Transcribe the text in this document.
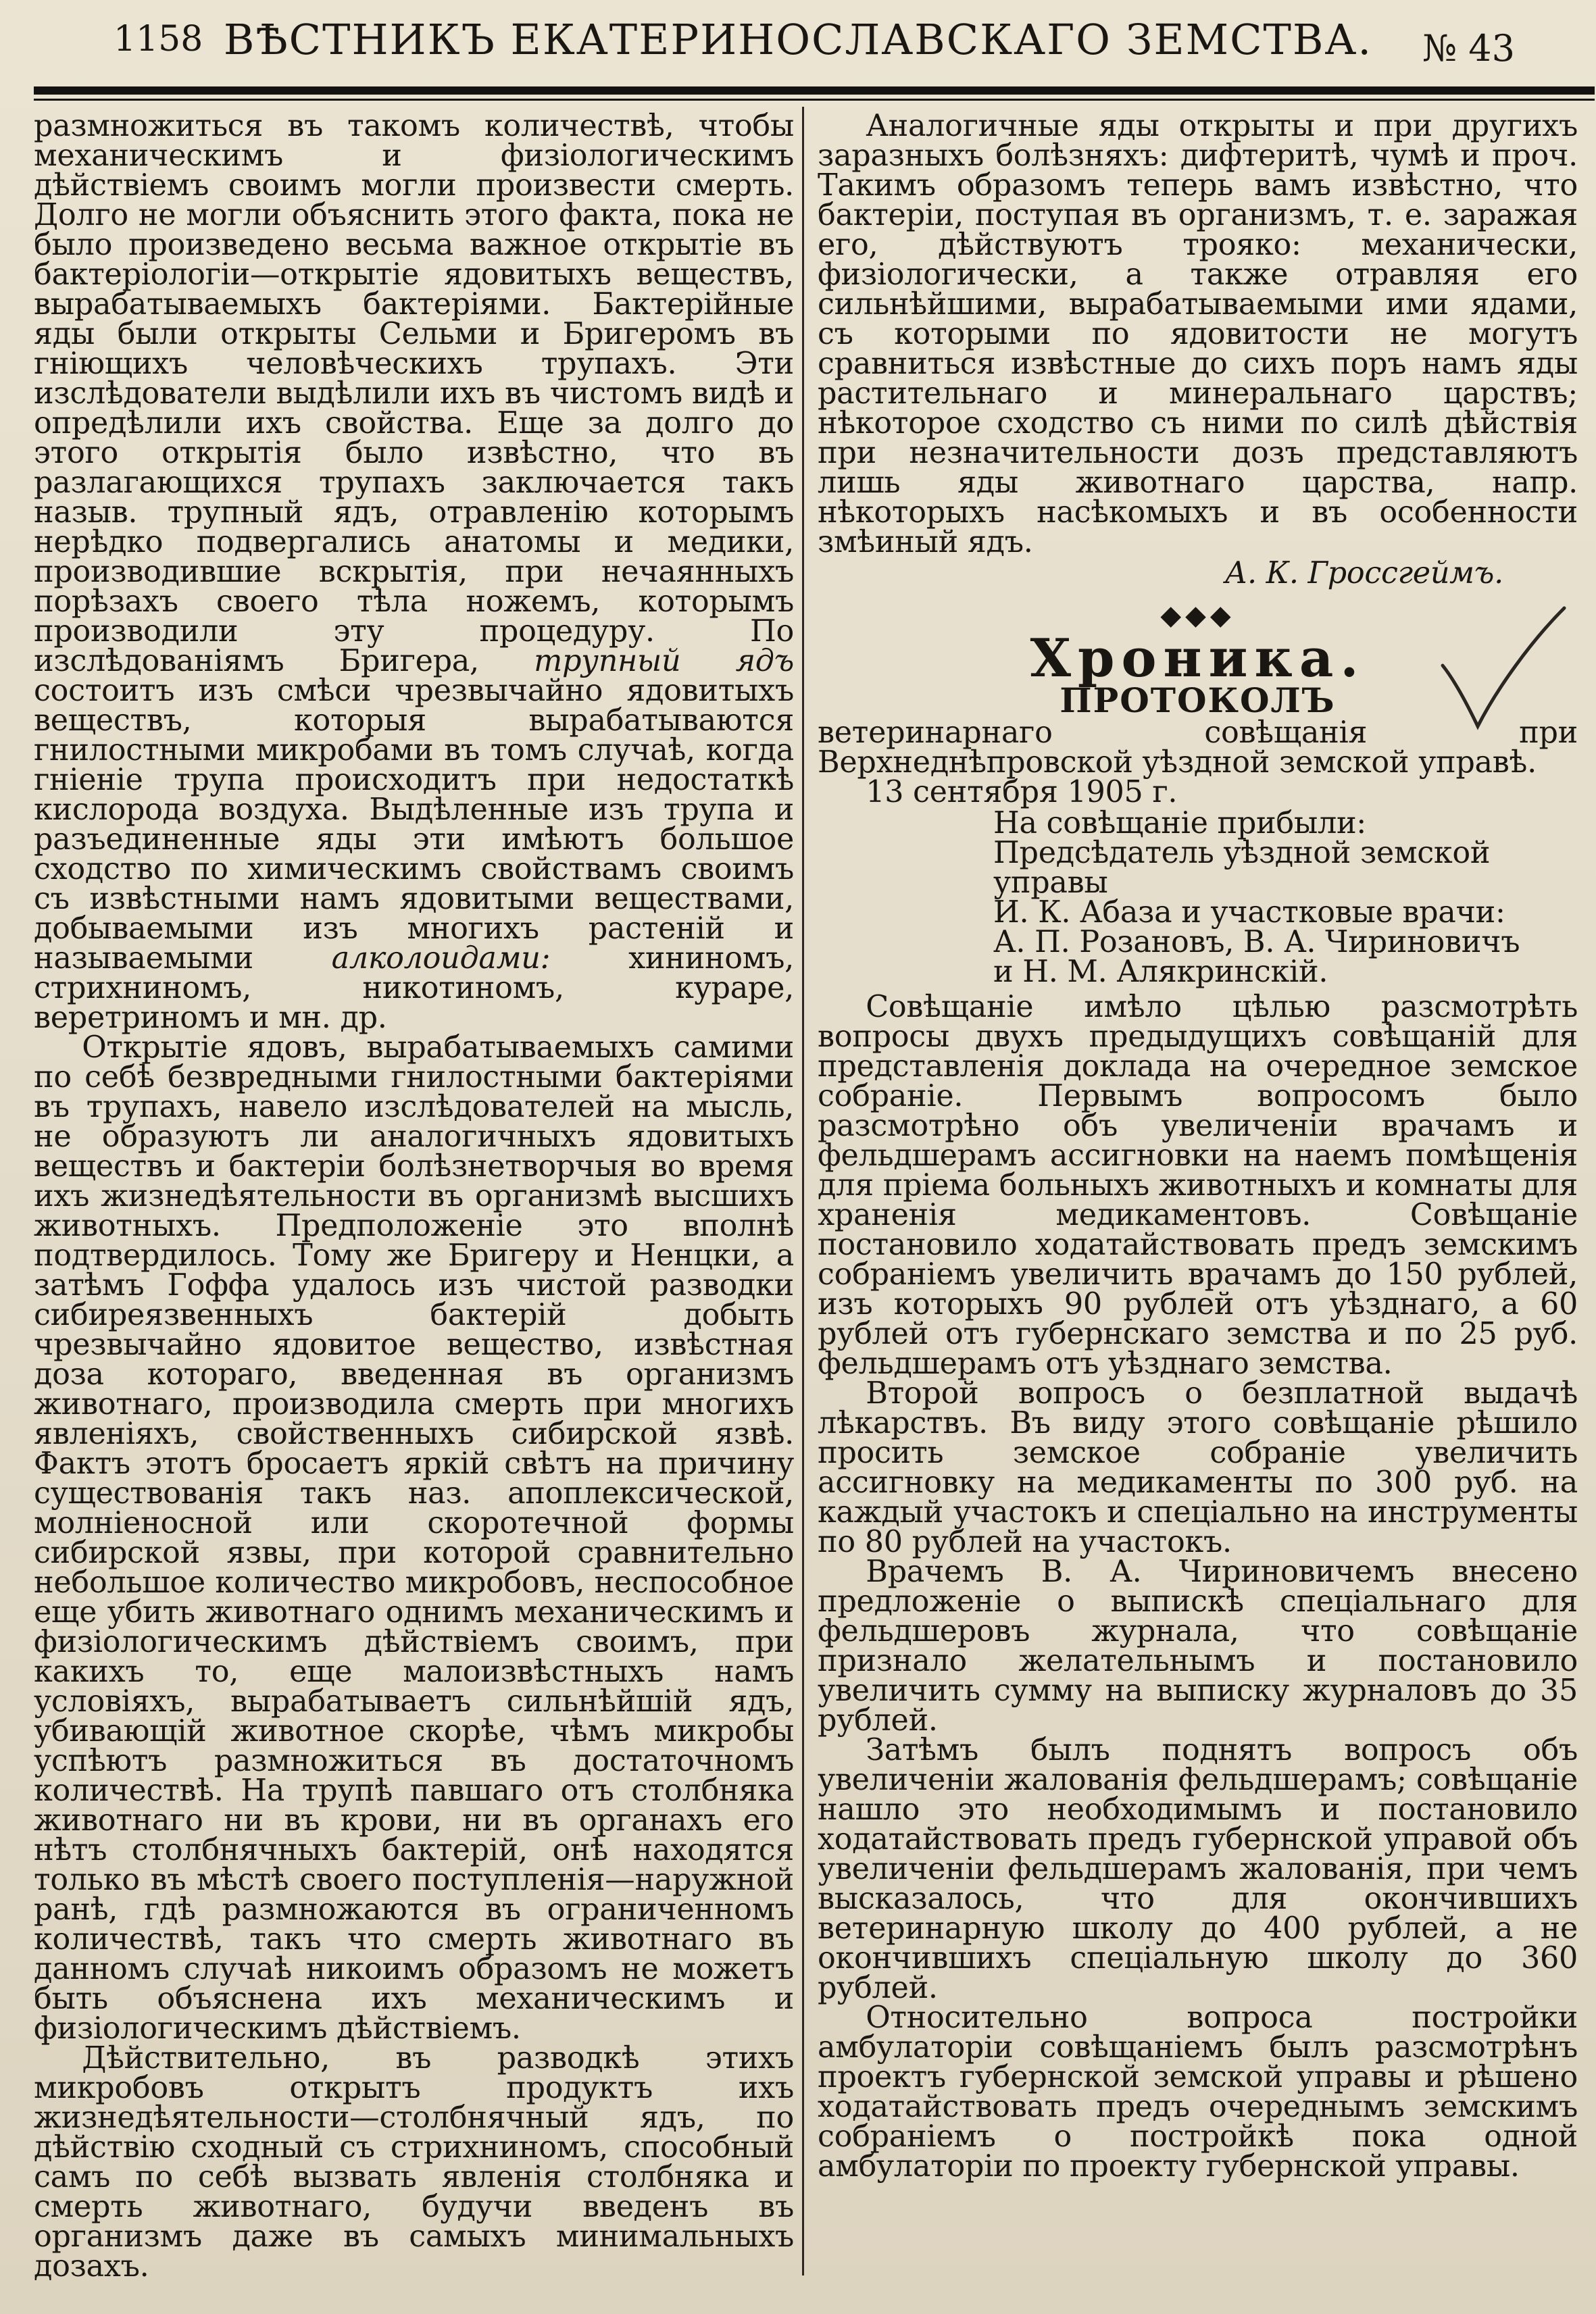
1158 ВѢСТНИКЪ ЕКАТЕРИНОСЛАВСКАГО ЗЕМСТВА.	№ 43

размножиться въ такомъ количествѣ, чтобы механическимъ и физiологическимъ дѣйствiемъ своимъ могли произвести смерть. Долго не могли объяснить этого факта, пока не было произведено весьма важное открытiе въ бактерiологiи—открытiе ядовитыхъ веществъ, вырабатываемыхъ бактерiями. Бактерiйные яды были открыты Сельми и Бригеромъ въ гнiющихъ человѣческихъ трупахъ. Эти изслѣдователи выдѣлили ихъ въ чистомъ видѣ и опредѣлили ихъ свойства. Еще за долго до этого открытiя было извѣстно, что въ разлагающихся трупахъ заключается такъ назыв. трупный ядъ, отравленiю которымъ нерѣдко подвергались анатомы и медики, производившие вскрытiя, при нечаянныхъ порѣзахъ своего тѣла ножемъ, которымъ производили эту процедуру. По изслѣдованiямъ Бригера, трупный ядъ состоитъ изъ смѣси чрезвычайно ядовитыхъ веществъ, которыя вырабатываются гнилостными микробами въ томъ случаѣ, когда гнiенiе трупа происходитъ при недостаткѣ кислорода воздуха. Выдѣленные изъ трупа и разъединенные яды эти имѣютъ большое сходство по химическимъ свойствамъ своимъ съ извѣстными намъ ядовитыми веществами, добываемыми изъ многихъ растенiй и называемыми	алколоидами:	хининомъ, стрихниномъ, никотиномъ, кураре, веретриномъ и мн. др.

Открытiе ядовъ, вырабатываемыхъ самими по себѣ безвредными гнилостными бактерiями въ трупахъ, навело изслѣдователей на мысль, не образуютъ ли аналогичныхъ ядовитыхъ веществъ и бактерiи болѣзнетворчыя во время ихъ жизнедѣятельности въ организмѣ высшихъ животныхъ. Предположенiе это вполнѣ подтвердилось. Тому же Бригеру и Ненцки, а затѣмъ Гоффа удалось изъ чистой разводки сибиреязвенныхъ бактерiй добыть чрезвычайно ядовитое вещество, извѣстная доза котораго, введенная въ организмъ животнаго, производила смерть при многихъ явленiяхъ, свойственныхъ сибирской язвѣ. Фактъ этотъ бросаетъ яркiй свѣтъ на причину существованiя такъ наз. апоплексической, молнiеносной или скоротечной формы сибирской язвы, при которой сравнительно небольшое количество микробовъ, неспособное еще убить животнаго однимъ механическимъ и физiологическимъ дѣйствiемъ своимъ, при какихъ то, еще малоизвѣстныхъ намъ условiяхъ, вырабатываетъ сильнѣйшiй ядъ, убивающiй животное скорѣе, чѣмъ микробы успѣютъ размножиться въ достаточномъ количествѣ. На трупѣ павшаго отъ столбняка животнаго ни въ крови, ни въ органахъ его нѣтъ столбнячныхъ бактерiй, онѣ находятся только въ мѣстѣ своего поступленiя—наружной ранѣ, гдѣ размножаются въ ограниченномъ количествѣ, такъ что смерть животнаго въ данномъ случаѣ никоимъ образомъ не можетъ быть объяснена ихъ механическимъ и физiологическимъ дѣйствiемъ.

Дѣйствительно, въ разводкѣ этихъ микробовъ открытъ продуктъ ихъ жизнедѣятельности—столбнячный ядъ, по дѣйствiю сходный съ стрихниномъ, способный самъ по себѣ вызвать явленiя столбняка и смерть животнаго, будучи введенъ въ организмъ даже въ самыхъ минимальныхъ дозахъ.

Аналогичные яды открыты и при другихъ заразныхъ болѣзняхъ: дифтеритѣ, чумѣ и проч. Такимъ образомъ теперь вамъ извѣстно, что бактерiи, поступая въ организмъ, т. е. заражая его, дѣйствуютъ трояко: механически, физiологически, а также отравляя его сильнѣйшими, вырабатываемыми ими ядами, съ которыми по ядовитости не могутъ сравниться извѣстные до сихъ поръ намъ яды растительнаго и минеральнаго царствъ; нѣкоторое сходство съ ними по силѣ дѣйствiя при незначительности дозъ представляютъ лишь яды животнаго царства, напр. нѣкоторыхъ насѣкомыхъ и въ особенности змѣиный ядъ.

А. К. Гроссгеймъ.
◆◆◆
Хроника.
ПРОТОКОЛЪ

ветеринарнаго совѣщанiя при Верхнеднѣпровской уѣздной земской управѣ.

13 сентября 1905 г.

На совѣщанiе прибыли: Предсѣдатель уѣздной земской управы
И. К. Абаза и участковые врачи:
А. П. Розановъ, В. А. Чириновичъ
и Н. М. Алякринскiй.

Совѣщанiе имѣло цѣлью разсмотрѣть вопросы двухъ предыдущихъ совѣщанiй для представленiя доклада на очередное земское собранiе. Первымъ вопросомъ было разсмотрѣно объ увеличенiи врачамъ и фельдшерамъ ассигновки на наемъ помѣщенiя для прiема больныхъ животныхъ и комнаты для храненiя медикаментовъ. Совѣщанiе постановило ходатайствовать предъ земскимъ собранiемъ увеличить врачамъ до 150 рублей, изъ которыхъ 90 рублей отъ уѣзднаго, а 60 рублей отъ губернскаго земства и по 25 руб. фельдшерамъ отъ уѣзднаго земства.

Второй вопросъ о безплатной выдачѣ лѣкарствъ. Въ виду этого совѣщанiе рѣшило просить земское собранiе увеличить ассигновку на медикаменты по 300 руб. на каждый участокъ и спецiально на инструменты по 80 рублей на участокъ.

Врачемъ В. А. Чириновичемъ внесено предложенiе о выпискѣ спецiальнаго для фельдшеровъ журнала, что совѣщанiе признало желательнымъ и постановило увеличить сумму на выписку журналовъ до 35 рублей.

Затѣмъ былъ поднятъ вопросъ объ увеличенiи жалованiя фельдшерамъ; совѣщанiе нашло это необходимымъ и постановило ходатайствовать предъ губернской управой объ увеличенiи фельдшерамъ жалованiя, при чемъ высказалось, что для окончившихъ ветеринарную школу до 400 рублей, а не окончившихъ спецiальную школу до 360 рублей.

Относительно вопроса постройки амбулаторiи совѣщанiемъ былъ разсмотрѣнъ проектъ губернской земской управы и рѣшено ходатайствовать предъ очереднымъ земскимъ собранiемъ о постройкѣ пока одной амбулаторiи по проекту губернской управы.
